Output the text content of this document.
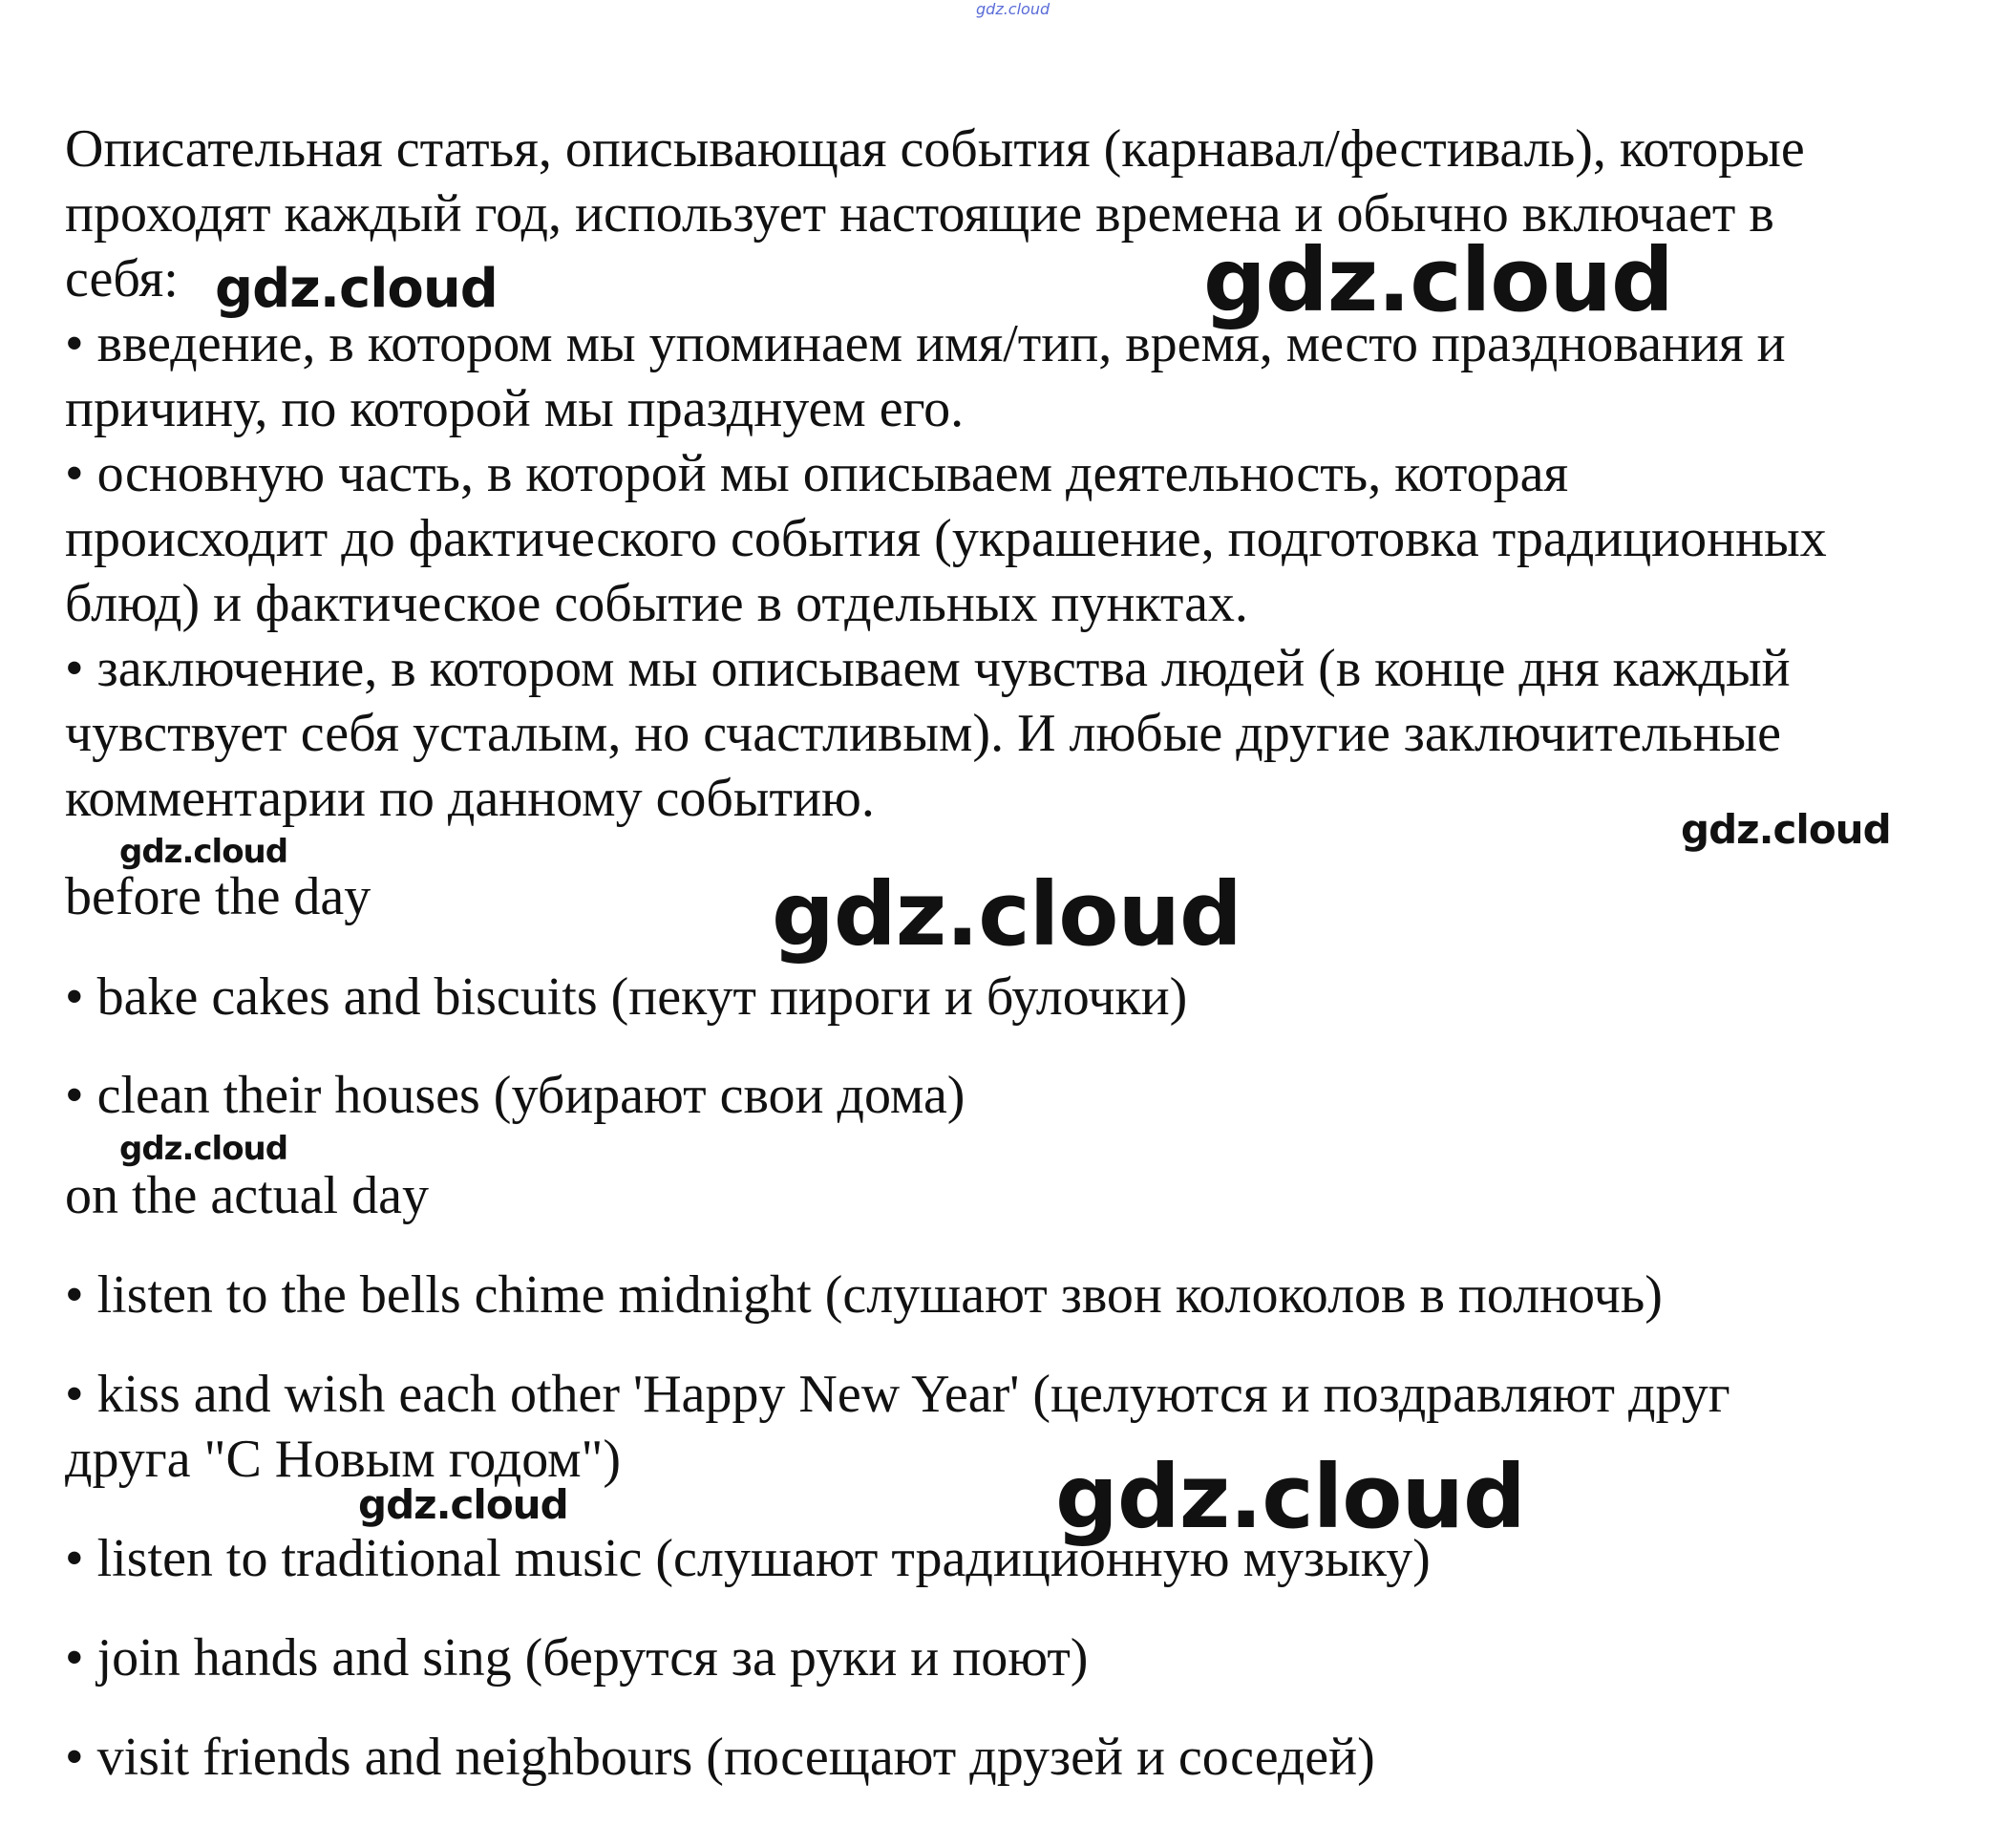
gdz.cloud

Описательная статья, описывающая события (карнавал/фестиваль), которые

проходят каждый год, использует настоящие времена и обычно включает в

себя:

• введение, в котором мы упоминаем имя/тип, время, место празднования и

причину, по которой мы празднуем его.

• основную часть, в которой мы описываем деятельность, которая

происходит до фактического события (украшение, подготовка традиционных

блюд) и фактическое событие в отдельных пунктах.

• заключение, в котором мы описываем чувства людей (в конце дня каждый

чувствует себя усталым, но счастливым). И любые другие заключительные

комментарии по данному событию.

before the day

• bake cakes and biscuits (пекут пироги и булочки)

• clean their houses (убирают свои дома)

on the actual day

• listen to the bells chime midnight (слушают звон колоколов в полночь)

• kiss and wish each other 'Happy New Year' (целуются и поздравляют друг

друга "С Новым годом")

• listen to traditional music (слушают традиционную музыку)

• join hands and sing (берутся за руки и поют)

• visit friends and neighbours (посещают друзей и соседей)

gdz.cloud	gdz.cloud
gdz.cloud
gdz.cloud
gdz.cloud
gdz.cloud
gdz.cloud	gdz.cloud
